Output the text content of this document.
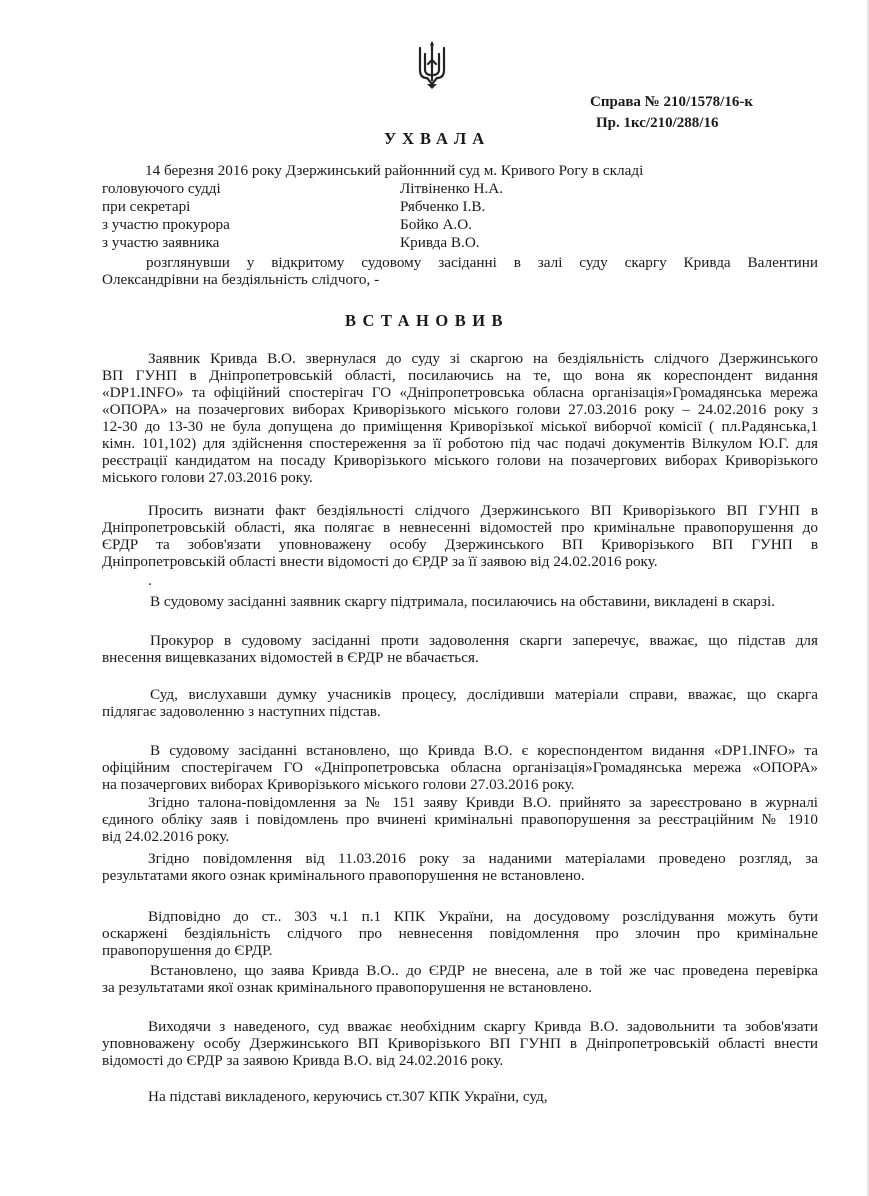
Справа № 210/1578/16-к
Пр. 1кс/210/288/16
УХВАЛА
14 березня 2016 року Дзержинський районнний суд м. Кривого Рогу в складі
головуючого судді	Літвіненко Н.А.
при секретарі	Рябченко І.В.
з участю прокурора	Бойко А.О.
з участю заявника	Кривда В.О.
розглянувши у відкритому судовому засіданні в залі суду скаргу Кривда Валентини
Олександрівни на бездіяльність слідчого, -
ВСТАНОВИВ
Заявник Кривда В.О. звернулася до суду зі скаргою на бездіяльність слідчого Дзержинського
ВП ГУНП в Дніпропетровській області, посилаючись на те, що вона як кореспондент видання
«DP1.INFO» та офіційний спостерігач ГО «Дніпропетровська обласна організація»Громадянська мережа
«ОПОРА» на позачергових виборах Криворізького міського голови 27.03.2016 року – 24.02.2016 року з
12-30 до 13-30 не була допущена до приміщення Криворізької міської виборчої комісії ( пл.Радянська,1
кімн. 101,102) для здійснення спостереження за її роботою під час подачі документів Вілкулом Ю.Г. для
реєстрації кандидатом на посаду Криворізького міського голови на позачергових виборах Криворізького
міського голови 27.03.2016 року.
Просить визнати факт бездіяльності слідчого Дзержинського ВП Криворізького ВП ГУНП в
Дніпропетровській області, яка полягає в невнесенні відомостей про кримінальне правопорушення до
ЄРДР та зобов'язати уповноважену особу Дзержинського ВП Криворізького ВП ГУНП в
Дніпропетровській області внести відомості до ЄРДР за її заявою від 24.02.2016 року.
.
В судовому засіданні заявник скаргу підтримала, посилаючись на обставини, викладені в скарзі.
Прокурор в судовому засіданні проти задоволення скарги заперечує, вважає, що підстав для
внесення вищевказаних відомостей в ЄРДР не вбачається.
Суд, вислухавши думку учасників процесу, дослідивши матеріали справи, вважає, що скарга
підлягає задоволенню з наступних підстав.
В судовому засіданні встановлено, що Кривда В.О. є кореспондентом видання «DP1.INFO» та
офіційним спостерігачем ГО «Дніпропетровська обласна організація»Громадянська мережа «ОПОРА»
на позачергових виборах Криворізького міського голови 27.03.2016 року.
Згідно талона-повідомлення за № 151 заяву Кривди В.О. прийнято за зареєстровано в журналі
єдиного обліку заяв і повідомлень про вчинені кримінальні правопорушення за реєстраційним № 1910
від 24.02.2016 року.
Згідно повідомлення від 11.03.2016 року за наданими матеріалами проведено розгляд, за
результатами якого ознак кримінального правопорушення не встановлено.
Відповідно до ст.. 303 ч.1 п.1 КПК України, на досудовому розслідування можуть бути
оскаржені бездіяльність слідчого про невнесення повідомлення про злочин про кримінальне
правопорушення до ЄРДР.
Встановлено, що заява Кривда В.О.. до ЄРДР не внесена, але в той же час проведена перевірка
за результатами якої ознак кримінального правопорушення не встановлено.
Виходячи з наведеного, суд вважає необхідним скаргу Кривда В.О. задовольнити та зобов'язати
уповноважену особу Дзержинського ВП Криворізького ВП ГУНП в Дніпропетровській області внести
відомості до ЄРДР за заявою Кривда В.О. від 24.02.2016 року.
На підставі викладеного, керуючись ст.307 КПК України, суд,
